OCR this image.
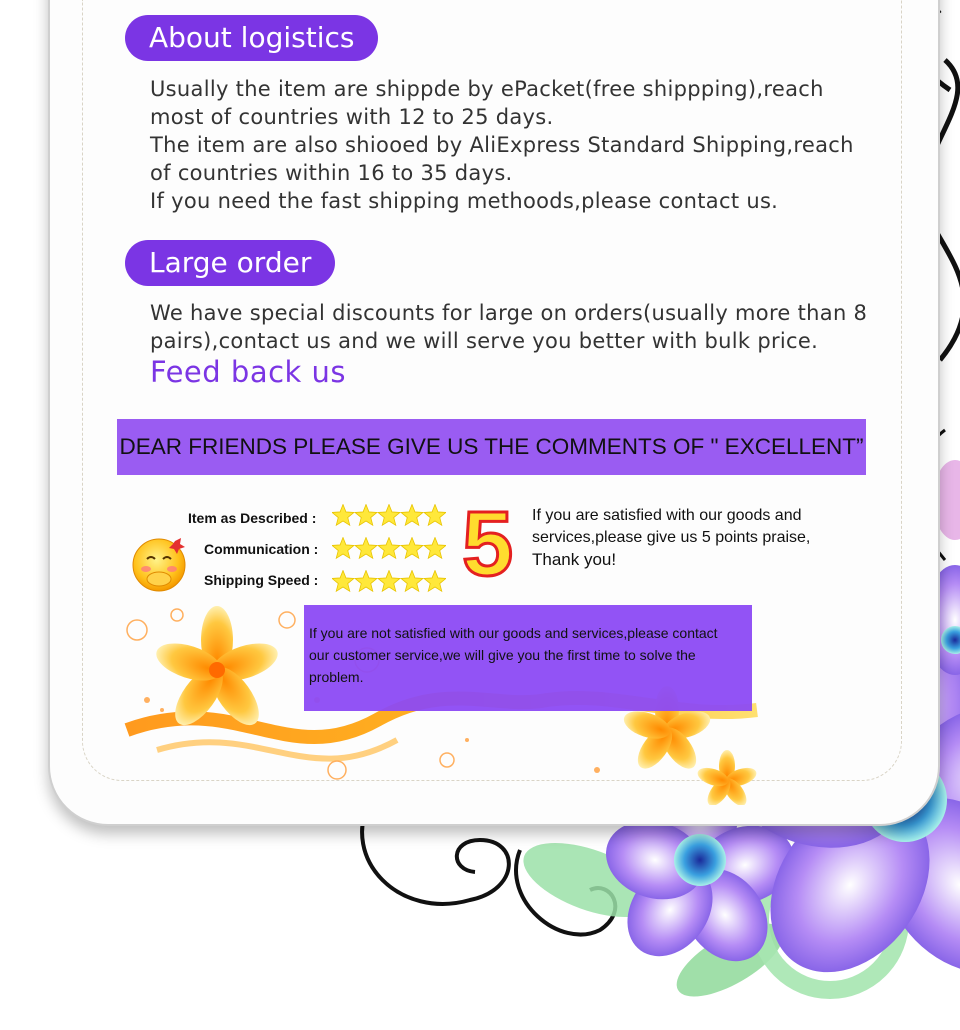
About logistics
Usually the item are shippde by ePacket(free shippping),reach
most of countries with 12 to 25 days.
The item are also shiooed by AliExpress Standard Shipping,reach
of countries within 16 to 35 days.
If you need the fast shipping methoods,please contact us.
Large order
We have special discounts for large on orders(usually more than 8
pairs),contact us and we will serve you better with bulk price.
Feed back us
DEAR FRIENDS PLEASE GIVE US THE COMMENTS OF " EXCELLENT”
Item as Described :
Communication :
Shipping Speed : 5 If you are satisfied with our goods and
services,please give us 5 points praise,
Thank you!
If you are not satisfied with our goods and services,please contact
our customer service,we will give you the first time to solve the
problem.
